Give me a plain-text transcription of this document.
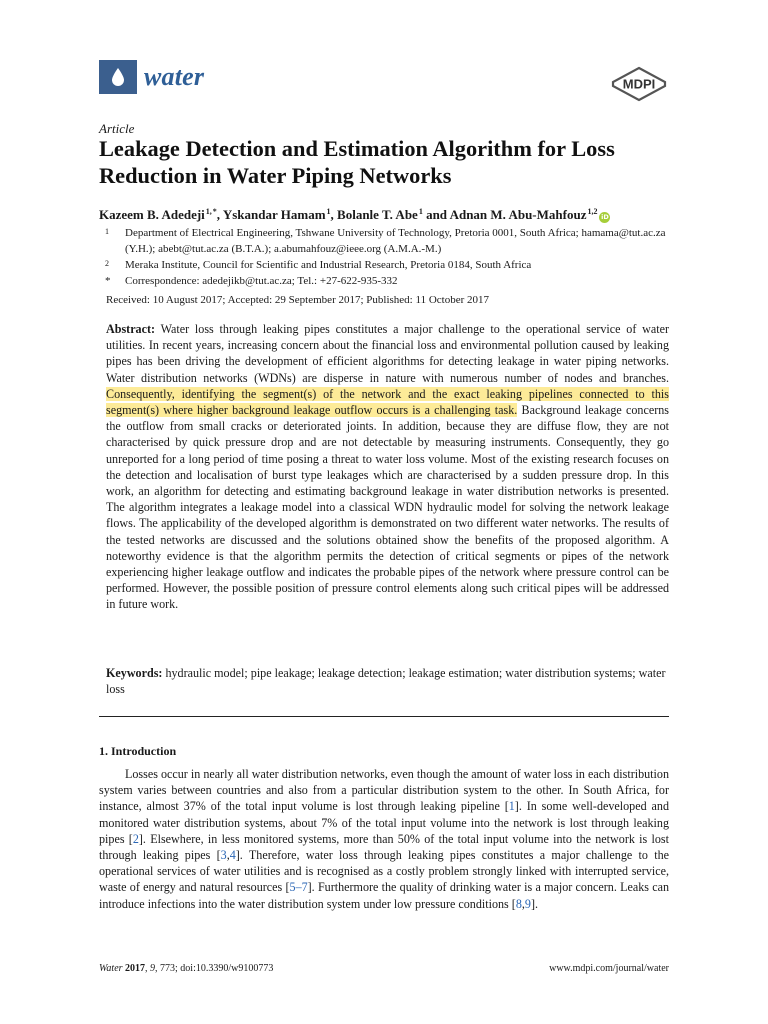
water	MDPI
Article
Leakage Detection and Estimation Algorithm for Loss Reduction in Water Piping Networks
Kazeem B. Adedeji$^{1,*}$, Yskandar Hamam$^1$, Bolanle T. Abe$^1$ and Adnan M. Abu-Mahfouz$^{1,2}$iD
1	Department of Electrical Engineering, Tshwane University of Technology, Pretoria 0001, South Africa; hamama@tut.ac.za (Y.H.); abebt@tut.ac.za (B.T.A.); a.abumahfouz@ieee.org (A.M.A.-M.)
2	Meraka Institute, Council for Scientific and Industrial Research, Pretoria 0184, South Africa
*	Correspondence: adedejikb@tut.ac.za; Tel.: +27-622-935-332
Received: 10 August 2017; Accepted: 29 September 2017; Published: 11 October 2017

Abstract: Water loss through leaking pipes constitutes a major challenge to the operational service of water utilities. In recent years, increasing concern about the financial loss and environmental pollution caused by leaking pipes has been driving the development of efficient algorithms for detecting leakage in water piping networks. Water distribution networks (WDNs) are disperse in nature with numerous number of nodes and branches. Consequently, identifying the segment(s) of the network and the exact leaking pipelines connected to this segment(s) where higher background leakage outflow occurs is a challenging task. Background leakage concerns the outflow from small cracks or deteriorated joints. In addition, because they are diffuse flow, they are not characterised by quick pressure drop and are not detectable by measuring instruments. Consequently, they go unreported for a long period of time posing a threat to water loss volume. Most of the existing research focuses on the detection and localisation of burst type leakages which are characterised by a sudden pressure drop. In this work, an algorithm for detecting and estimating background leakage in water distribution networks is presented. The algorithm integrates a leakage model into a classical WDN hydraulic model for solving the network leakage flows. The applicability of the developed algorithm is demonstrated on two different water networks. The results of the tested networks are discussed and the solutions obtained show the benefits of the proposed algorithm. A noteworthy evidence is that the algorithm permits the detection of critical segments or pipes of the network experiencing higher leakage outflow and indicates the probable pipes of the network where pressure control can be performed. However, the possible position of pressure control elements along such critical pipes will be addressed in future work.

Keywords: hydraulic model; pipe leakage; leakage detection; leakage estimation; water distribution systems; water loss

1. Introduction

Losses occur in nearly all water distribution networks, even though the amount of water loss in each distribution system varies between countries and also from a particular distribution system to the other. In South Africa, for instance, almost 37% of the total input volume is lost through leaking pipeline [1]. In some well-developed and monitored water distribution systems, about 7% of the total input volume into the network is lost through leaking pipes [2]. Elsewhere, in less monitored systems, more than 50% of the total input volume into the network is lost through leaking pipes [3,4]. Therefore, water loss through leaking pipes constitutes a major challenge to the operational services of water utilities and is recognised as a costly problem strongly linked with interrupted service, waste of energy and natural resources [5–7]. Furthermore the quality of drinking water is a major concern. Leaks can introduce infections into the water distribution system under low pressure conditions [8,9].

Water 2017, 9, 773; doi:10.3390/w9100773	www.mdpi.com/journal/water
